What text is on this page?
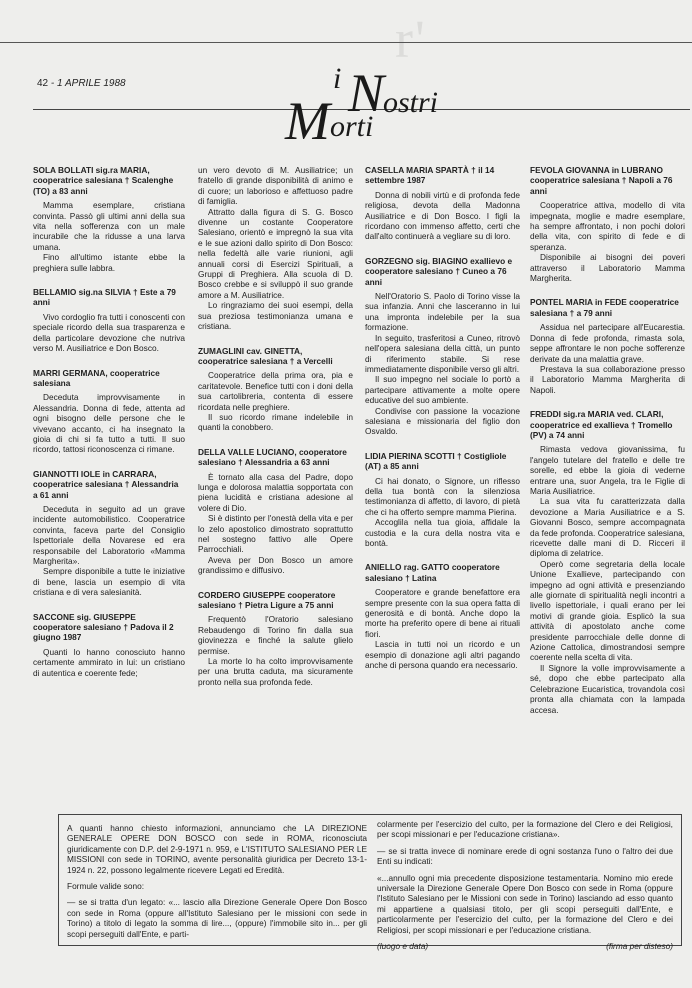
r'
42 - 1 APRILE 1988	i N
ostri
M orti
SOLA BOLLATI sig.ra MARIA, cooperatrice salesiana † Scalenghe (TO) a 83 anni

Mamma esemplare, cristiana convinta. Passò gli ultimi anni della sua vita nella sofferenza con un male incurabile che la ridusse a una larva umana.

Fino all'ultimo istante ebbe la preghiera sulle labbra.

BELLAMIO sig.na SILVIA † Este a 79 anni

Vivo cordoglio fra tutti i conoscenti con speciale ricordo della sua trasparenza e della particolare devozione che nutriva verso M. Ausiliatrice e Don Bosco.

MARRI GERMANA, cooperatrice salesiana

Deceduta improvvisamente in Alessandria. Donna di fede, attenta ad ogni bisogno delle persone che le vivevano accanto, ci ha insegnato la gioia di chi si fa tutto a tutti. Il suo ricordo, tattosi riconoscenza ci rimane.

GIANNOTTI IOLE in CARRARA, cooperatrice salesiana † Alessandria a 61 anni

Deceduta in seguito ad un grave incidente automobilistico. Cooperatrice convinta, faceva parte del Consiglio Ispettoriale della Novarese ed era responsabile del Laboratorio «Mamma Margherita».

Sempre disponibile a tutte le iniziative di bene, lascia un esempio di vita cristiana e di vera salesianità.

SACCONE sig. GIUSEPPE cooperatore salesiano † Padova il 2 giugno 1987

Quanti lo hanno conosciuto hanno certamente ammirato in lui: un cristiano di autentica e coerente fede;

un vero devoto di M. Ausiliatrice; un fratello di grande disponibilità di animo e di cuore; un laborioso e affettuoso padre di famiglia.

Attratto dalla figura di S. G. Bosco divenne un costante Cooperatore Salesiano, orientò e impregnò la sua vita e le sue azioni dallo spirito di Don Bosco: nella fedeltà alle varie riunioni, agli annuali corsi di Esercizi Spirituali, a Gruppi di Preghiera. Alla scuola di D. Bosco crebbe e si sviluppò il suo grande amore a M. Ausiliatrice.

Lo ringraziamo dei suoi esempi, della sua preziosa testimonianza umana e cristiana.

ZUMAGLINI cav. GINETTA, cooperatrice salesiana † a Vercelli

Cooperatrice della prima ora, pia e caritatevole. Benefice tutti con i doni della sua cartolibreria, contenta di essere ricordata nelle preghiere.

Il suo ricordo rimane indelebile in quanti la conobbero.

DELLA VALLE LUCIANO, cooperatore salesiano † Alessandria a 63 anni

È tornato alla casa del Padre, dopo lunga e dolorosa malattia sopportata con piena lucidità e cristiana adesione al volere di Dio.

Si è distinto per l'onestà della vita e per lo zelo apostolico dimostrato soprattutto nel sostegno fattivo alle Opere Parrocchiali.

Aveva per Don Bosco un amore grandissimo e diffusivo.

CORDERO GIUSEPPE cooperatore salesiano † Pietra Ligure a 75 anni

Frequentò l'Oratorio salesiano Rebaudengo di Torino fin dalla sua giovinezza e finché la salute glielo permise.

La morte lo ha colto improvvisamente per una brutta caduta, ma sicuramente pronto nella sua profonda fede.

CASELLA MARIA SPARTÀ † il 14 settembre 1987

Donna di nobili virtù e di profonda fede religiosa, devota della Madonna Ausiliatrice e di Don Bosco. I figli la ricordano con immenso affetto, certi che dall'alto continuerà a vegliare su di loro.

GORZEGNO sig. BIAGINO exallievo e cooperatore salesiano † Cuneo a 76 anni

Nell'Oratorio S. Paolo di Torino visse la sua infanzia. Anni che lasceranno in lui una impronta indelebile per la sua formazione.

In seguito, trasferitosi a Cuneo, ritrovò nell'opera salesiana della città, un punto di riferimento stabile. Si rese immediatamente disponibile verso gli altri.

Il suo impegno nel sociale lo portò a partecipare attivamente a molte opere educative del suo ambiente.

Condivise con passione la vocazione salesiana e missionaria del figlio don Osvaldo.

LIDIA PIERINA SCOTTI † Costigliole (AT) a 85 anni

Ci hai donato, o Signore, un riflesso della tua bontà con la silenziosa testimonianza di affetto, di lavoro, di pietà che ci ha offerto sempre mamma Pierina.

Accoglila nella tua gioia, affidale la custodia e la cura della nostra vita e bontà.

ANIELLO rag. GATTO cooperatore salesiano † Latina

Cooperatore e grande benefattore era sempre presente con la sua opera fatta di generosità e di bontà. Anche dopo la morte ha preferito opere di bene ai rituali fiori.

Lascia in tutti noi un ricordo e un esempio di donazione agli altri pagando anche di persona quando era necessario.

FEVOLA GIOVANNA in LUBRANO cooperatrice salesiana † Napoli a 76 anni

Cooperatrice attiva, modello di vita impegnata, moglie e madre esemplare, ha sempre affrontato, i non pochi dolori della vita, con spirito di fede e di speranza.

Disponibile ai bisogni dei poveri attraverso il Laboratorio Mamma Margherita.

PONTEL MARIA in FEDE cooperatrice salesiana † a 79 anni

Assidua nel partecipare all'Eucarestia. Donna di fede profonda, rimasta sola, seppe affrontare le non poche sofferenze derivate da una malattia grave.

Prestava la sua collaborazione presso il Laboratorio Mamma Margherita di Napoli.

FREDDI sig.ra MARIA ved. CLARI, cooperatrice ed exallieva † Tromello (PV) a 74 anni

Rimasta vedova giovanissima, fu l'angelo tutelare del fratello e delle tre sorelle, ed ebbe la gioia di vederne entrare una, suor Angela, tra le Figlie di Maria Ausiliatrice.

La sua vita fu caratterizzata dalla devozione a Maria Ausiliatrice e a S. Giovanni Bosco, sempre accompagnata da fede profonda. Cooperatrice salesiana, ricevette dalle mani di D. Ricceri il diploma di zelatrice.

Operò come segretaria della locale Unione Exallieve, partecipando con impegno ad ogni attività e presenziando alle giornate di spiritualità negli incontri a livello ispettoriale, i quali erano per lei motivi di grande gioia. Esplicò la sua attività di apostolato anche come presidente parrocchiale delle donne di Azione Cattolica, dimostrandosi sempre coerente nella scelta di vita.

Il Signore la volle improvvisamente a sé, dopo che ebbe partecipato alla Celebrazione Eucaristica, trovandola così pronta alla chiamata con la lampada accesa.

A quanti hanno chiesto informazioni, annunciamo che LA DIREZIONE GENERALE OPERE DON BOSCO con sede in ROMA, riconosciuta giuridicamente con D.P. del 2-9-1971 n. 959, e L'ISTITUTO SALESIANO PER LE MISSIONI con sede in TORINO, avente personalità giuridica per Decreto 13-1-1924 n. 22, possono legalmente ricevere Legati ed Eredità.

Formule valide sono:

— se si tratta d'un legato: «... lascio alla Direzione Generale Opere Don Bosco con sede in Roma (oppure all'Istituto Salesiano per le missioni con sede in Torino) a titolo di legato la somma di lire..., (oppure) l'immobile sito in... per gli scopi perseguiti dall'Ente, e parti-

colarmente per l'esercizio del culto, per la formazione del Clero e dei Religiosi, per scopi missionari e per l'educazione cristiana».

— se si tratta invece di nominare erede di ogni sostanza l'uno o l'altro dei due Enti su indicati:

«...annullo ogni mia precedente disposizione testamentaria. Nomino mio erede universale la Direzione Generale Opere Don Bosco con sede in Roma (oppure l'Istituto Salesiano per le Missioni con sede in Torino) lasciando ad esso quanto mi appartiene a qualsiasi titolo, per gli scopi perseguiti dall'Ente, e particolarmente per l'esercizio del culto, per la formazione del Clero e dei Religiosi, per scopi missionari e per l'educazione cristiana.

(luogo e data)	(firma per disteso)
